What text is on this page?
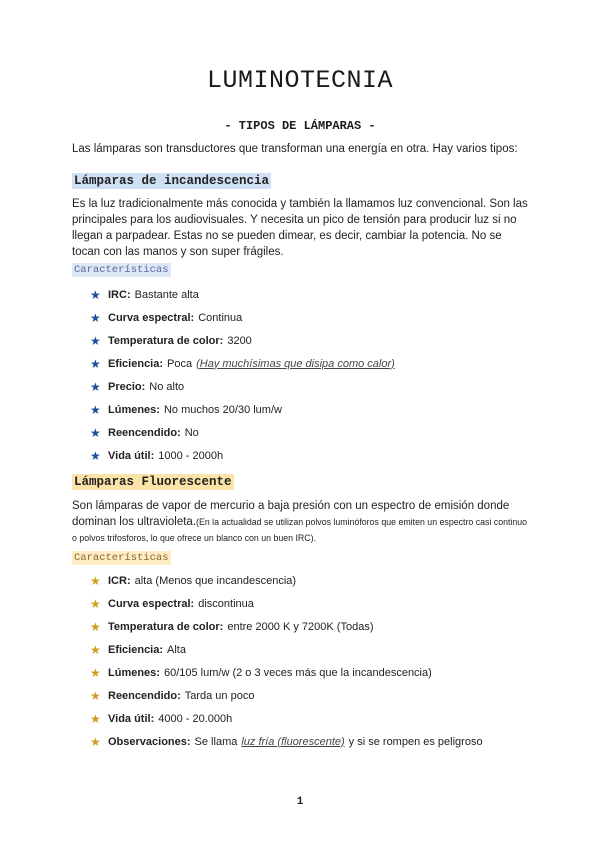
LUMINOTECNIA
- TIPOS DE LÁMPARAS -
Las lámparas son transductores que transforman una energía en otra. Hay varios tipos:
Lámparas de incandescencia
Es la luz tradicionalmente más conocida y también la llamamos luz convencional. Son las principales para los audiovisuales. Y necesita un pico de tensión para producir luz si no llegan a parpadear. Estas no se pueden dimear, es decir, cambiar la potencia. No se tocan con las manos y son super frágiles.
Características
★ IRC: Bastante alta
★ Curva espectral: Continua
★ Temperatura de color: 3200
★ Eficiencia: Poca (Hay muchísimas que disipa como calor)
★ Precio: No alto
★ Lúmenes: No muchos 20/30 lum/w
★ Reencendido: No
★ Vida útil: 1000 - 2000h
Lámparas Fluorescente
Son lámparas de vapor de mercurio a baja presión con un espectro de emisión donde dominan los ultravioleta.(En la actualidad se utilizan polvos luminóforos que emiten un espectro casi continuo o polvos trifosforos, lo que ofrece un blanco con un buen IRC).
Características
★ ICR: alta (Menos que incandescencia)
★ Curva espectral: discontinua
★ Temperatura de color: entre 2000 K y 7200K (Todas)
★ Eficiencia: Alta
★ Lúmenes: 60/105 lum/w (2 o 3 veces más que la incandescencia)
★ Reencendido: Tarda un poco
★ Vida útil: 4000 - 20.000h
★ Observaciones: Se llama luz fría (fluorescente) y si se rompen es peligroso
1
